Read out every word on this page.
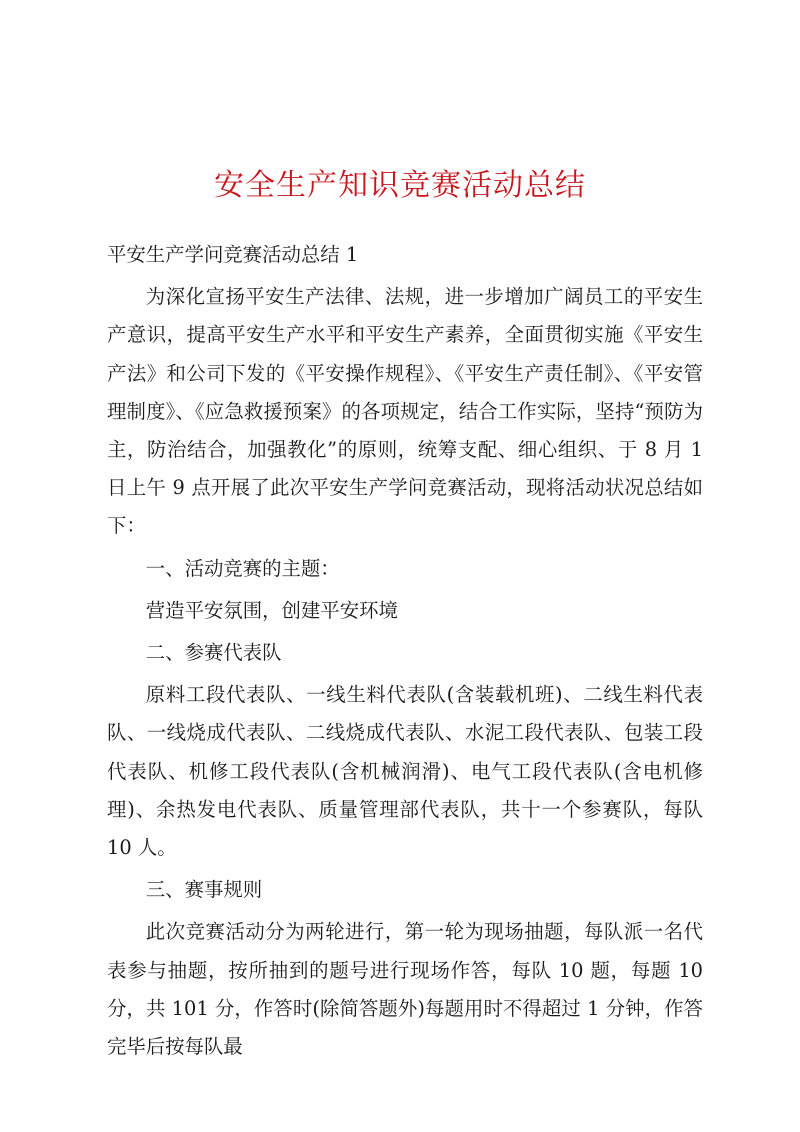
安全生产知识竞赛活动总结

平安生产学问竞赛活动总结 1

为深化宣扬平安生产法律、法规，进一步增加广阔员工的平安生产意识，提高平安生产水平和平安生产素养，全面贯彻实施《平安生产法》和公司下发的《平安操作规程》、《平安生产责任制》、《平安管理制度》、《应急救援预案》的各项规定，结合工作实际，坚持“预防为主，防治结合，加强教化”的原则，统筹支配、细心组织、于 8 月 1 日上午 9 点开展了此次平安生产学问竞赛活动，现将活动状况总结如下：

一、活动竞赛的主题：

营造平安氛围，创建平安环境

二、参赛代表队

原料工段代表队、一线生料代表队(含装载机班)、二线生料代表队、一线烧成代表队、二线烧成代表队、水泥工段代表队、包装工段代表队、机修工段代表队(含机械润滑)、电气工段代表队(含电机修理)、余热发电代表队、质量管理部代表队，共十一个参赛队，每队 10 人。

三、赛事规则

此次竞赛活动分为两轮进行，第一轮为现场抽题，每队派一名代表参与抽题，按所抽到的题号进行现场作答，每队 10 题，每题 10 分，共 101 分，作答时(除简答题外)每题用时不得超过 1 分钟，作答完毕后按每队最
